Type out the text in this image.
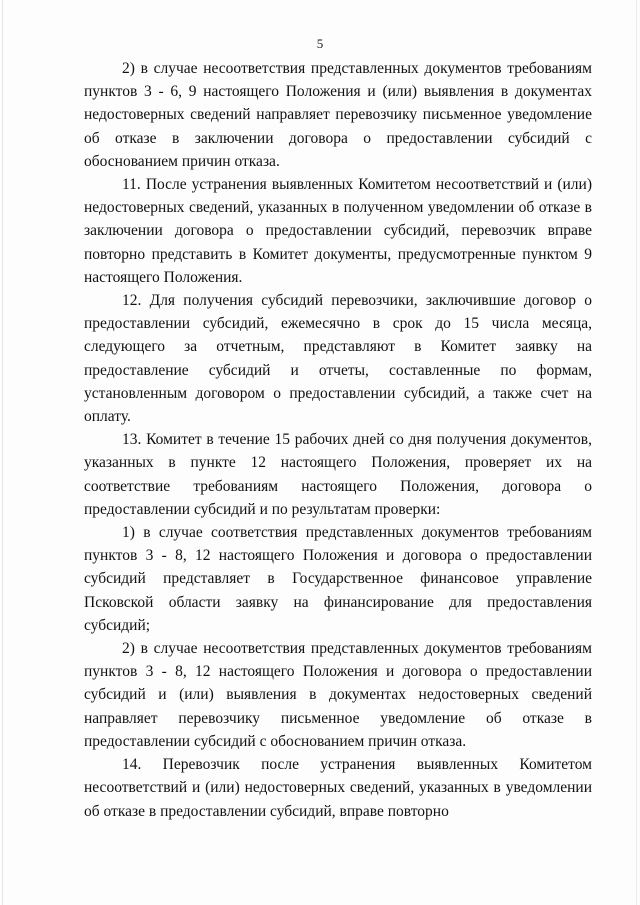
5

2) в случае несоответствия представленных документов требованиям пунктов 3 - 6, 9 настоящего Положения и (или) выявления в документах недостоверных сведений направляет перевозчику письменное уведомление об отказе в заключении договора о предоставлении субсидий с обоснованием причин отказа.

11. После устранения выявленных Комитетом несоответствий и (или) недостоверных сведений, указанных в полученном уведомлении об отказе в заключении договора о предоставлении субсидий, перевозчик вправе повторно представить в Комитет документы, предусмотренные пунктом 9 настоящего Положения.

12. Для получения субсидий перевозчики, заключившие договор о предоставлении субсидий, ежемесячно в срок до 15 числа месяца, следующего за отчетным, представляют в Комитет заявку на предоставление субсидий и отчеты, составленные по формам, установленным договором о предоставлении субсидий, а также счет на оплату.

13. Комитет в течение 15 рабочих дней со дня получения документов, указанных в пункте 12 настоящего Положения, проверяет их на соответствие требованиям настоящего Положения, договора о предоставлении субсидий и по результатам проверки:

1) в случае соответствия представленных документов требованиям пунктов 3 - 8, 12 настоящего Положения и договора о предоставлении субсидий представляет в Государственное финансовое управление Псковской области заявку на финансирование для предоставления субсидий;

2) в случае несоответствия представленных документов требованиям пунктов 3 - 8, 12 настоящего Положения и договора о предоставлении субсидий и (или) выявления в документах недостоверных сведений направляет перевозчику письменное уведомление об отказе в предоставлении субсидий с обоснованием причин отказа.

14. Перевозчик после устранения выявленных Комитетом несоответствий и (или) недостоверных сведений, указанных в уведомлении об отказе в предоставлении субсидий, вправе повторно
